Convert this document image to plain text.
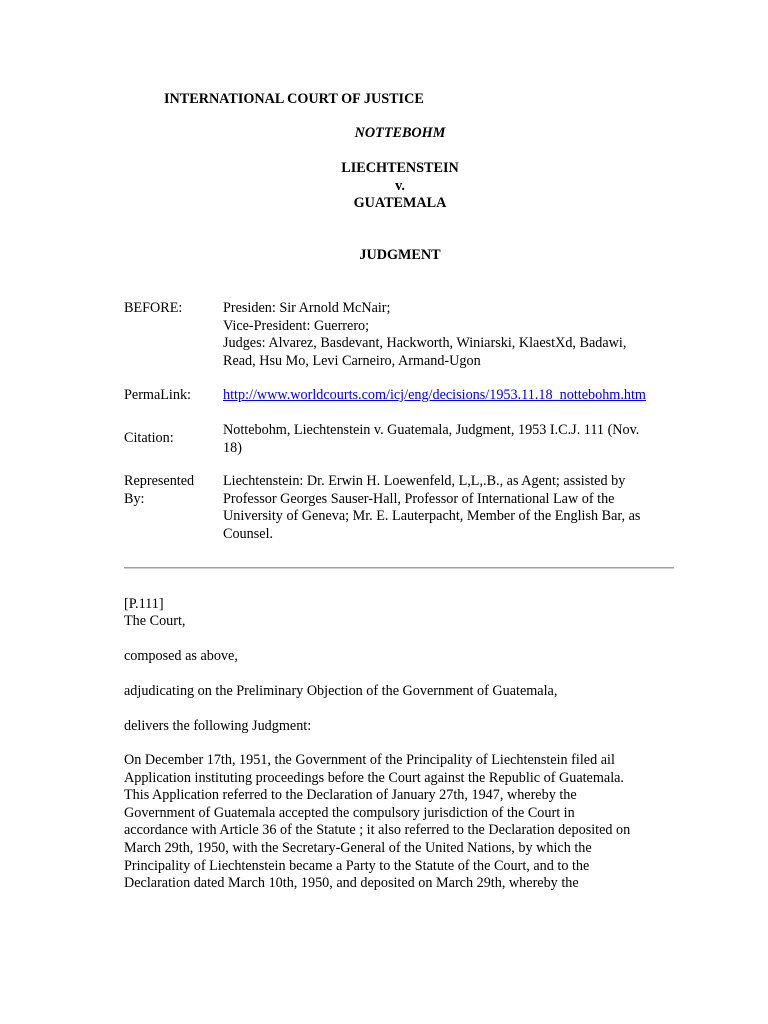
INTERNATIONAL COURT OF JUSTICE
NOTTEBOHM
LIECHTENSTEIN
v.
GUATEMALA
JUDGMENT
BEFORE:	Presiden: Sir Arnold McNair;
Vice-President: Guerrero;
Judges: Alvarez, Basdevant, Hackworth, Winiarski, KlaestXd, Badawi,
Read, Hsu Mo, Levi Carneiro, Armand-Ugon
PermaLink: http://www.worldcourts.com/icj/eng/decisions/1953.11.18_nottebohm.htm
Citation:	Nottebohm, Liechtenstein v. Guatemala, Judgment, 1953 I.C.J. 111 (Nov.
18)
Represented
By:
Liechtenstein: Dr. Erwin H. Loewenfeld, L,L,.B., as Agent; assisted by
Professor Georges Sauser-Hall, Professor of International Law of the
University of Geneva; Mr. E. Lauterpacht, Member of the English Bar, as
Counsel.
[P.111]
The Court,
composed as above,
adjudicating on the Preliminary Objection of the Government of Guatemala,
delivers the following Judgment:
On December 17th, 1951, the Government of the Principality of Liechtenstein filed ail
Application instituting proceedings before the Court against the Republic of Guatemala.
This Application referred to the Declaration of January 27th, 1947, whereby the
Government of Guatemala accepted the compulsory jurisdiction of the Court in
accordance with Article 36 of the Statute ; it also referred to the Declaration deposited on
March 29th, 1950, with the Secretary-General of the United Nations, by which the
Principality of Liechtenstein became a Party to the Statute of the Court, and to the
Declaration dated March 10th, 1950, and deposited on March 29th, whereby the
